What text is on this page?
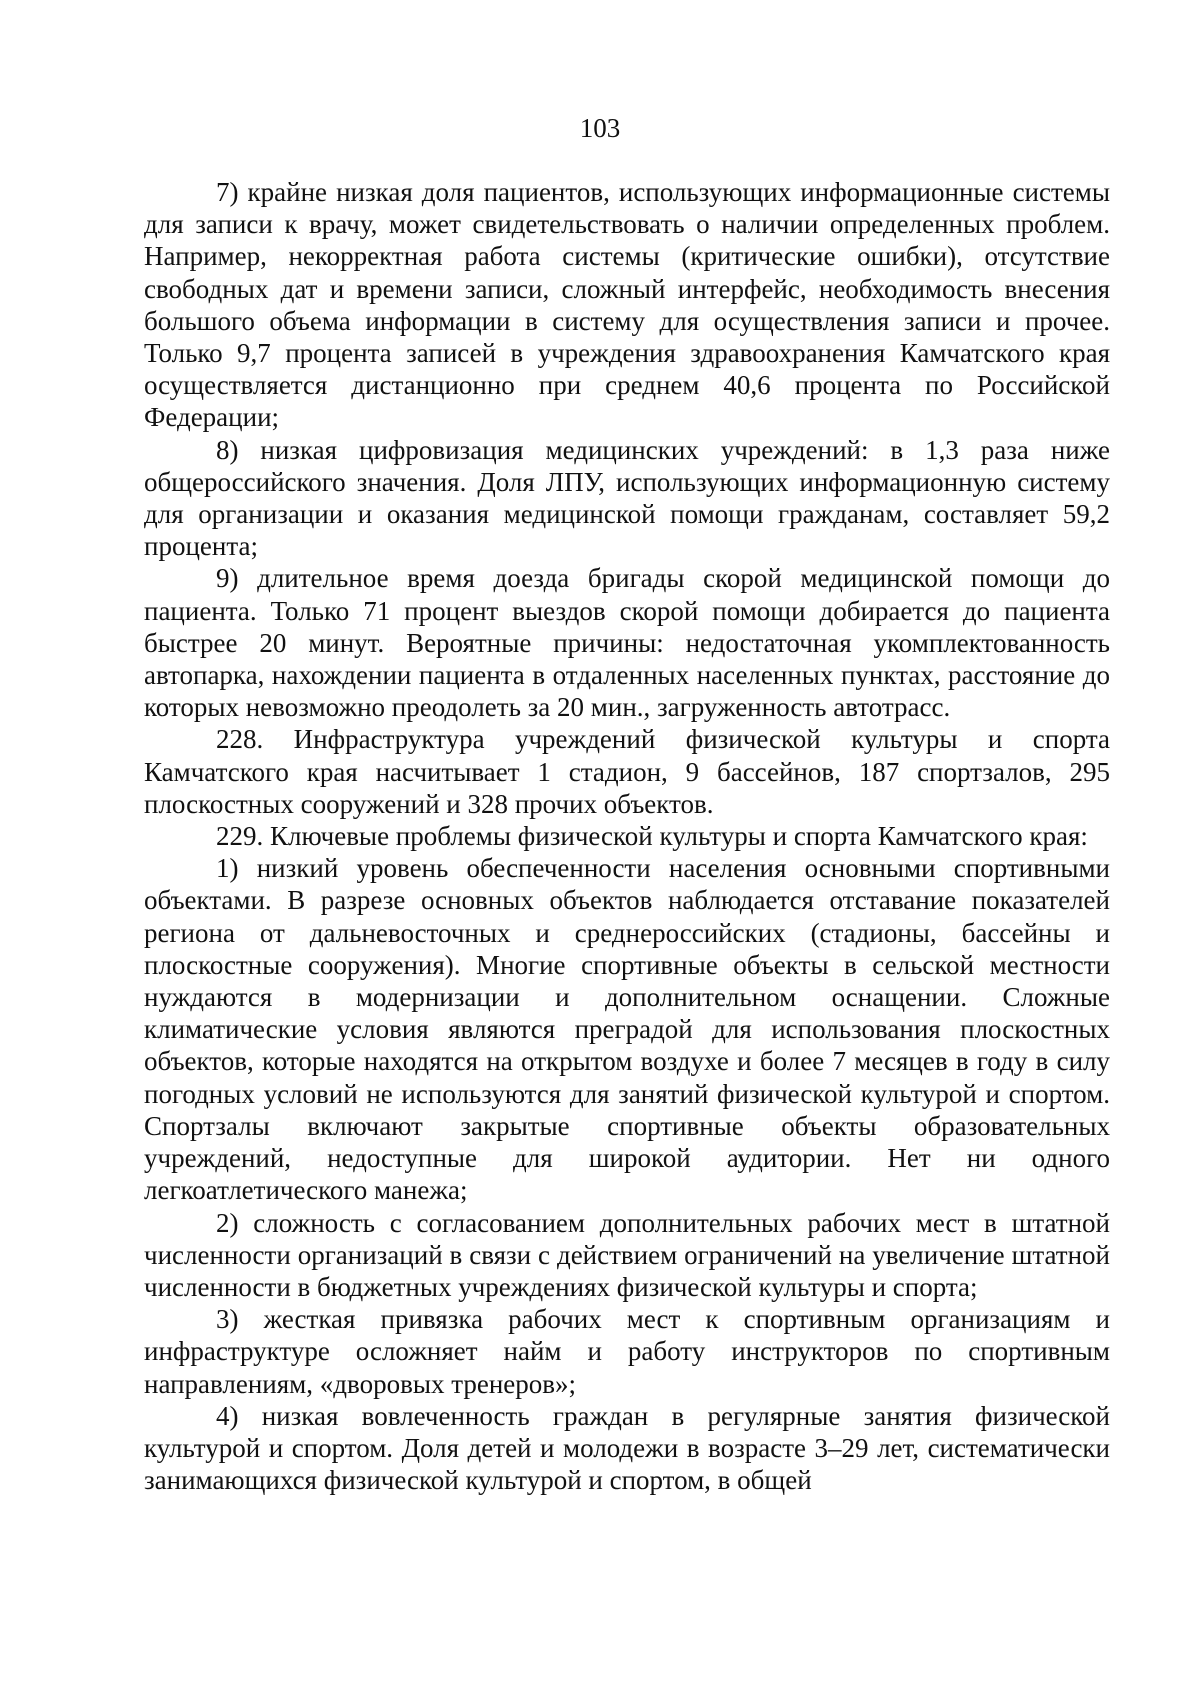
103

7) крайне низкая доля пациентов, использующих информационные системы для записи к врачу, может свидетельствовать о наличии определенных проблем. Например, некорректная работа системы (критические ошибки), отсутствие свободных дат и времени записи, сложный интерфейс, необходимость внесения большого объема информации в систему для осуществления записи и прочее. Только 9,7 процента записей в учреждения здравоохранения Камчатского края осуществляется дистанционно при среднем 40,6 процента по Российской Федерации;

8) низкая цифровизация медицинских учреждений: в 1,3 раза ниже общероссийского значения. Доля ЛПУ, использующих информационную систему для организации и оказания медицинской помощи гражданам, составляет 59,2 процента;

9) длительное время доезда бригады скорой медицинской помощи до пациента. Только 71 процент выездов скорой помощи добирается до пациента быстрее 20 минут. Вероятные причины: недостаточная укомплектованность автопарка, нахождении пациента в отдаленных населенных пунктах, расстояние до которых невозможно преодолеть за 20 мин., загруженность автотрасс.

228. Инфраструктура учреждений физической культуры и спорта Камчатского края насчитывает 1 стадион, 9 бассейнов, 187 спортзалов, 295 плоскостных сооружений и 328 прочих объектов.

229. Ключевые проблемы физической культуры и спорта Камчатского края:

1) низкий уровень обеспеченности населения основными спортивными объектами. В разрезе основных объектов наблюдается отставание показателей региона от дальневосточных и среднероссийских (стадионы, бассейны и плоскостные сооружения). Многие спортивные объекты в сельской местности нуждаются в модернизации и дополнительном оснащении. Сложные климатические условия являются преградой для использования плоскостных объектов, которые находятся на открытом воздухе и более 7 месяцев в году в силу погодных условий не используются для занятий физической культурой и спортом. Спортзалы включают закрытые спортивные объекты образовательных учреждений, недоступные для широкой аудитории. Нет ни одного легкоатлетического манежа;

2) сложность с согласованием дополнительных рабочих мест в штатной численности организаций в связи с действием ограничений на увеличение штатной численности в бюджетных учреждениях физической культуры и спорта;

3) жесткая привязка рабочих мест к спортивным организациям и инфраструктуре осложняет найм и работу инструкторов по спортивным направлениям, «дворовых тренеров»;

4) низкая вовлеченность граждан в регулярные занятия физической культурой и спортом. Доля детей и молодежи в возрасте 3–29 лет, систематически занимающихся физической культурой и спортом, в общей
